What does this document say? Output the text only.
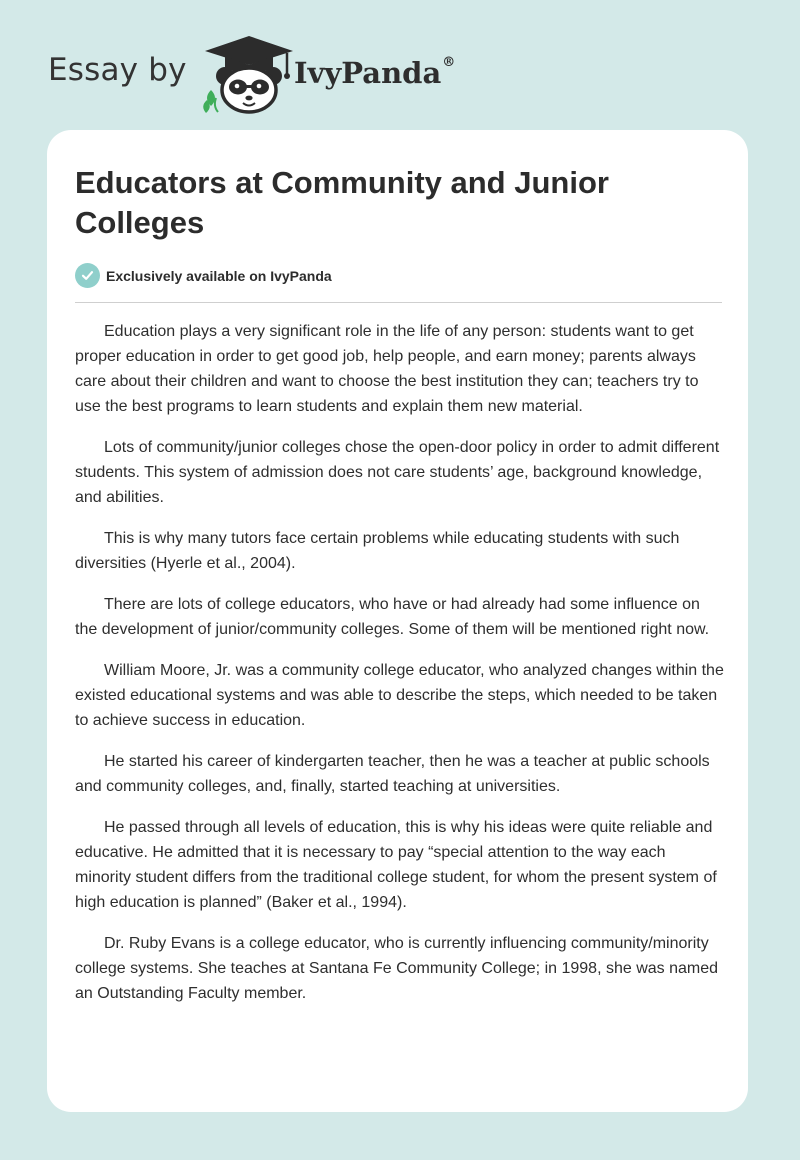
Essay by	IvyPanda®
Educators at Community and Junior Colleges
Exclusively available on IvyPanda

Education plays a very significant role in the life of any person: students want to get proper education in order to get good job, help people, and earn money; parents always care about their children and want to choose the best institution they can; teachers try to use the best programs to learn students and explain them new material.

Lots of community/junior colleges chose the open-door policy in order to admit different students. This system of admission does not care students’ age, background knowledge, and abilities.

This is why many tutors face certain problems while educating students with such diversities (Hyerle et al., 2004).

There are lots of college educators, who have or had already had some influence on the development of junior/community colleges. Some of them will be mentioned right now.

William Moore, Jr. was a community college educator, who analyzed changes within the existed educational systems and was able to describe the steps, which needed to be taken to achieve success in education.

He started his career of kindergarten teacher, then he was a teacher at public schools and community colleges, and, finally, started teaching at universities.

He passed through all levels of education, this is why his ideas were quite reliable and educative. He admitted that it is necessary to pay “special attention to the way each minority student differs from the traditional college student, for whom the present system of high education is planned” (Baker et al., 1994).

Dr. Ruby Evans is a college educator, who is currently influencing community/minority college systems. She teaches at Santana Fe Community College; in 1998, she was named an Outstanding Faculty member.
